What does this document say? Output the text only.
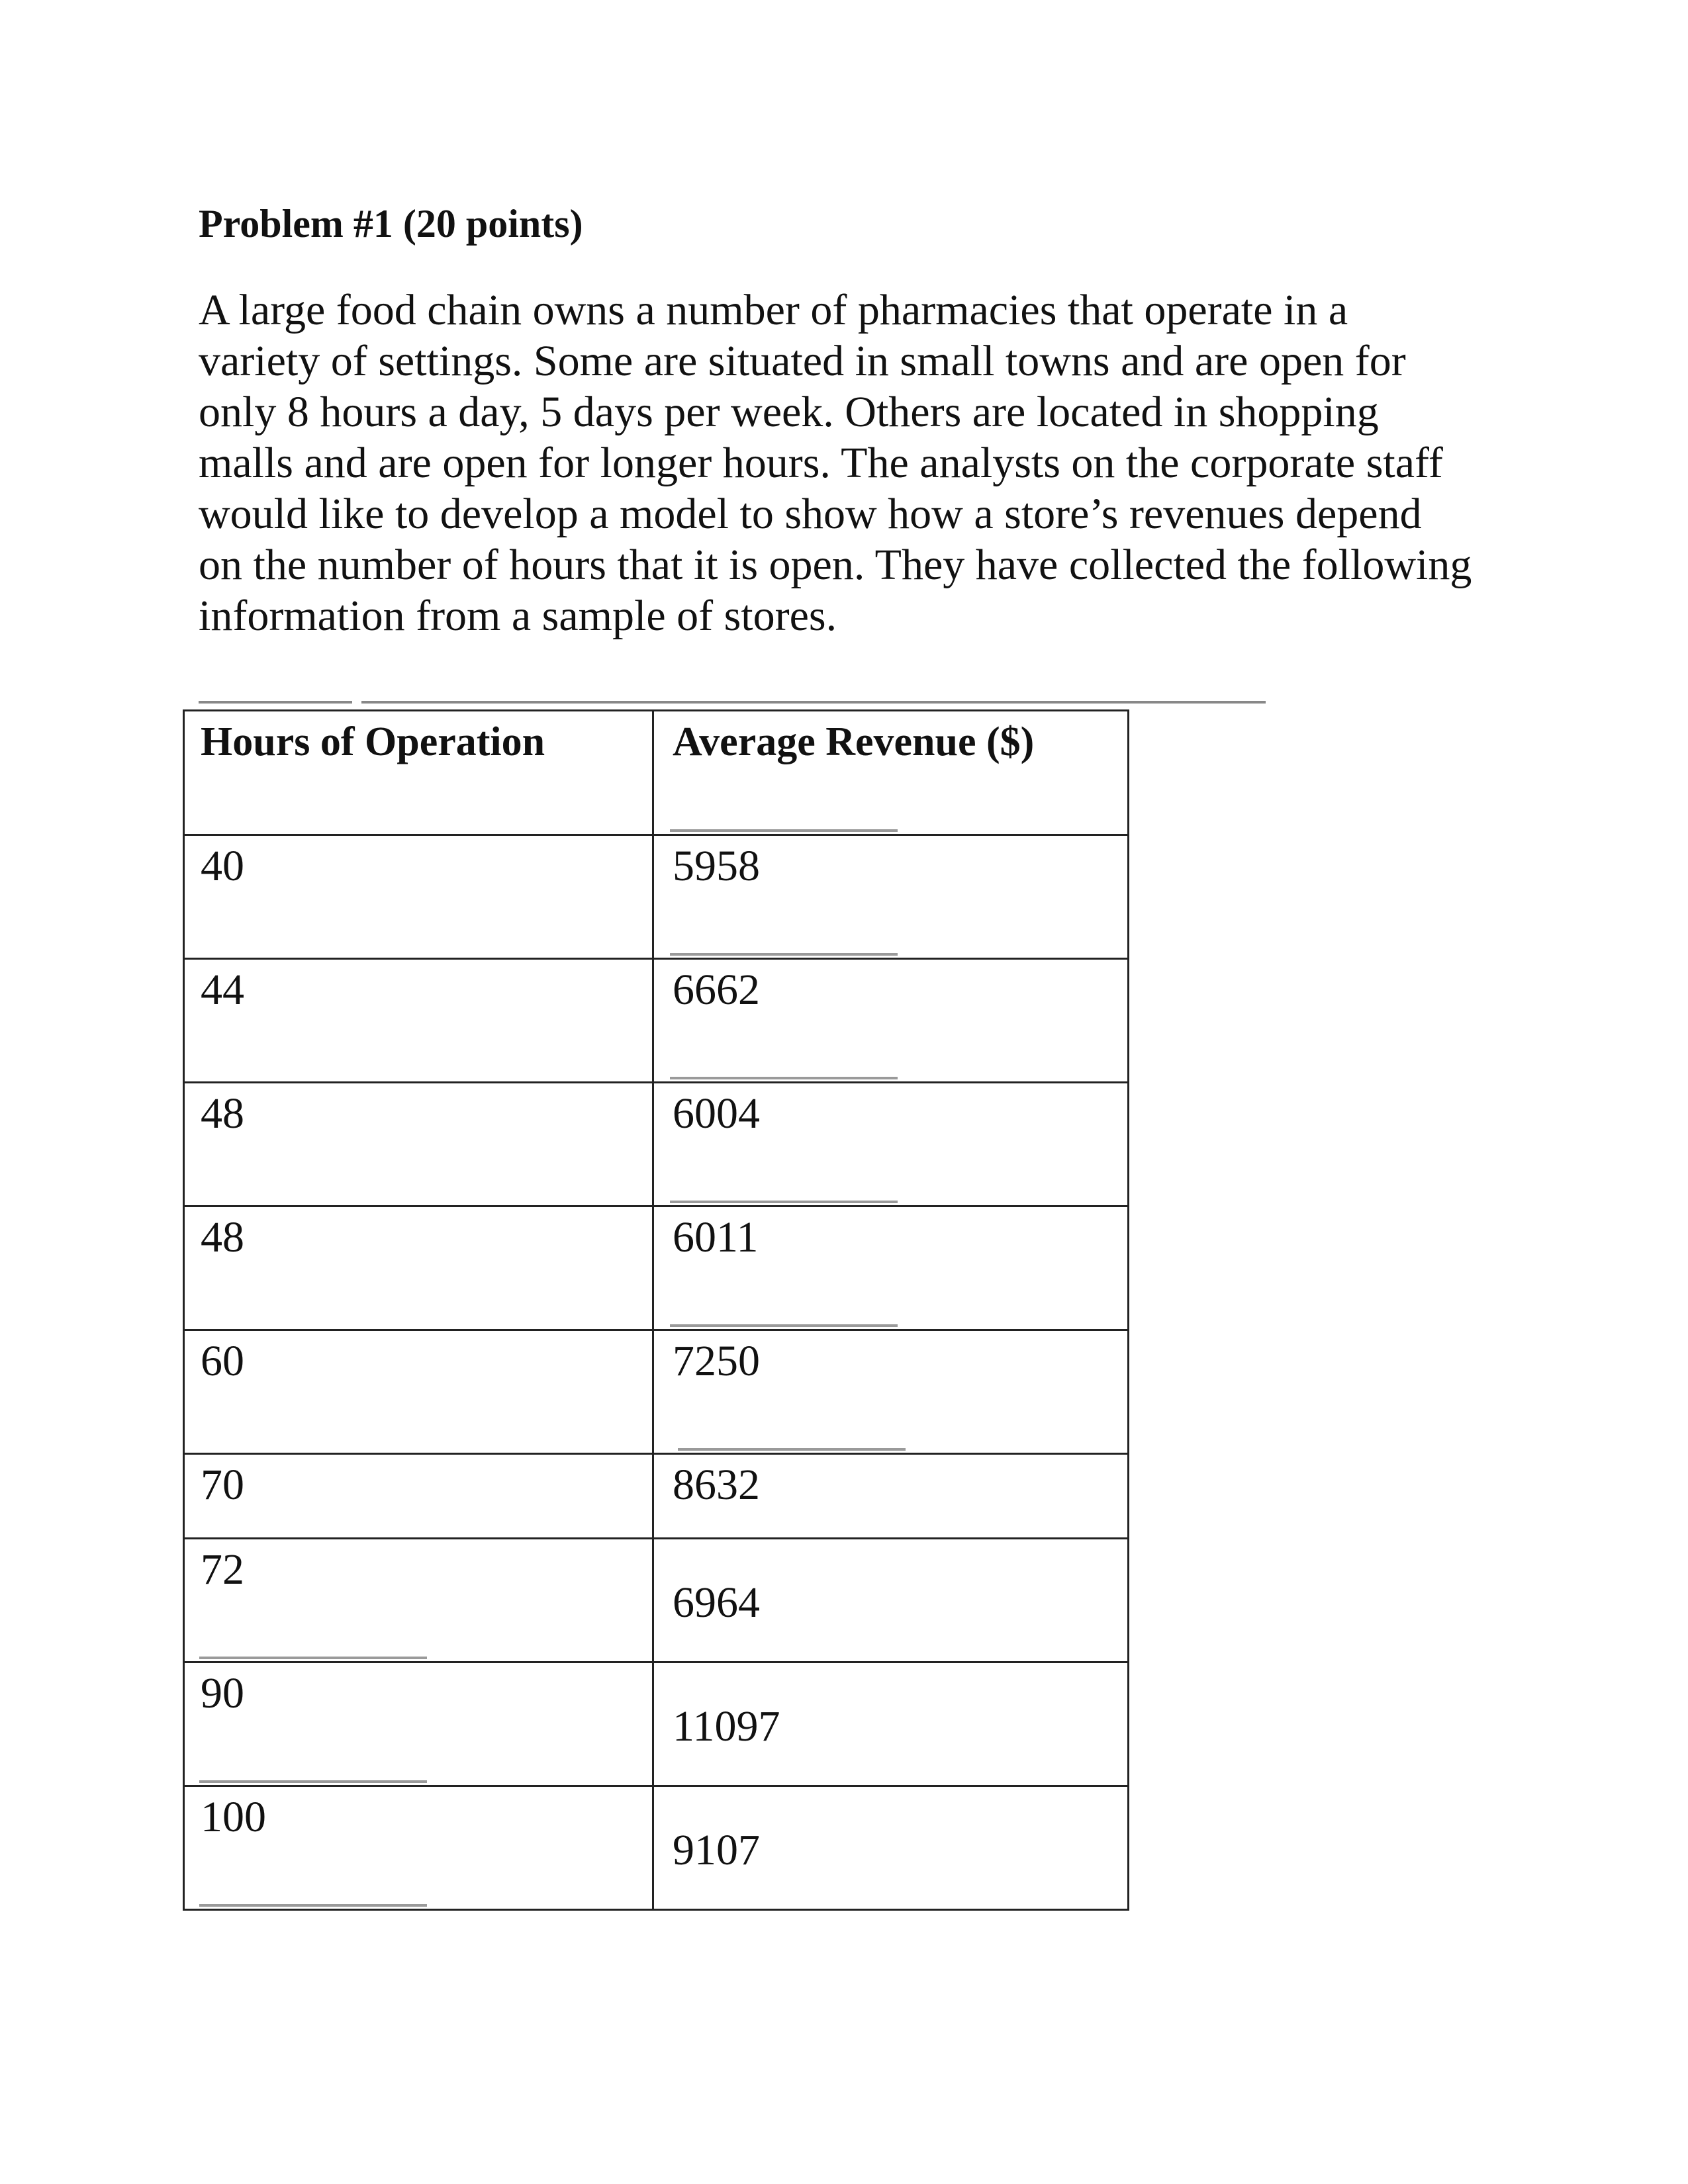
Problem #1 (20 points)
A large food chain owns a number of pharmacies that operate in a
variety of settings. Some are situated in small towns and are open for
only 8 hours a day, 5 days per week. Others are located in shopping
malls and are open for longer hours. The analysts on the corporate staff
would like to develop a model to show how a store’s revenues depend
on the number of hours that it is open. They have collected the following
information from a sample of stores.
Hours of Operation	Average Revenue ($)

40	5958

44	6662

48	6004

48	6011

60	7250

70	8632

72	6964

90	11097

100	9107
